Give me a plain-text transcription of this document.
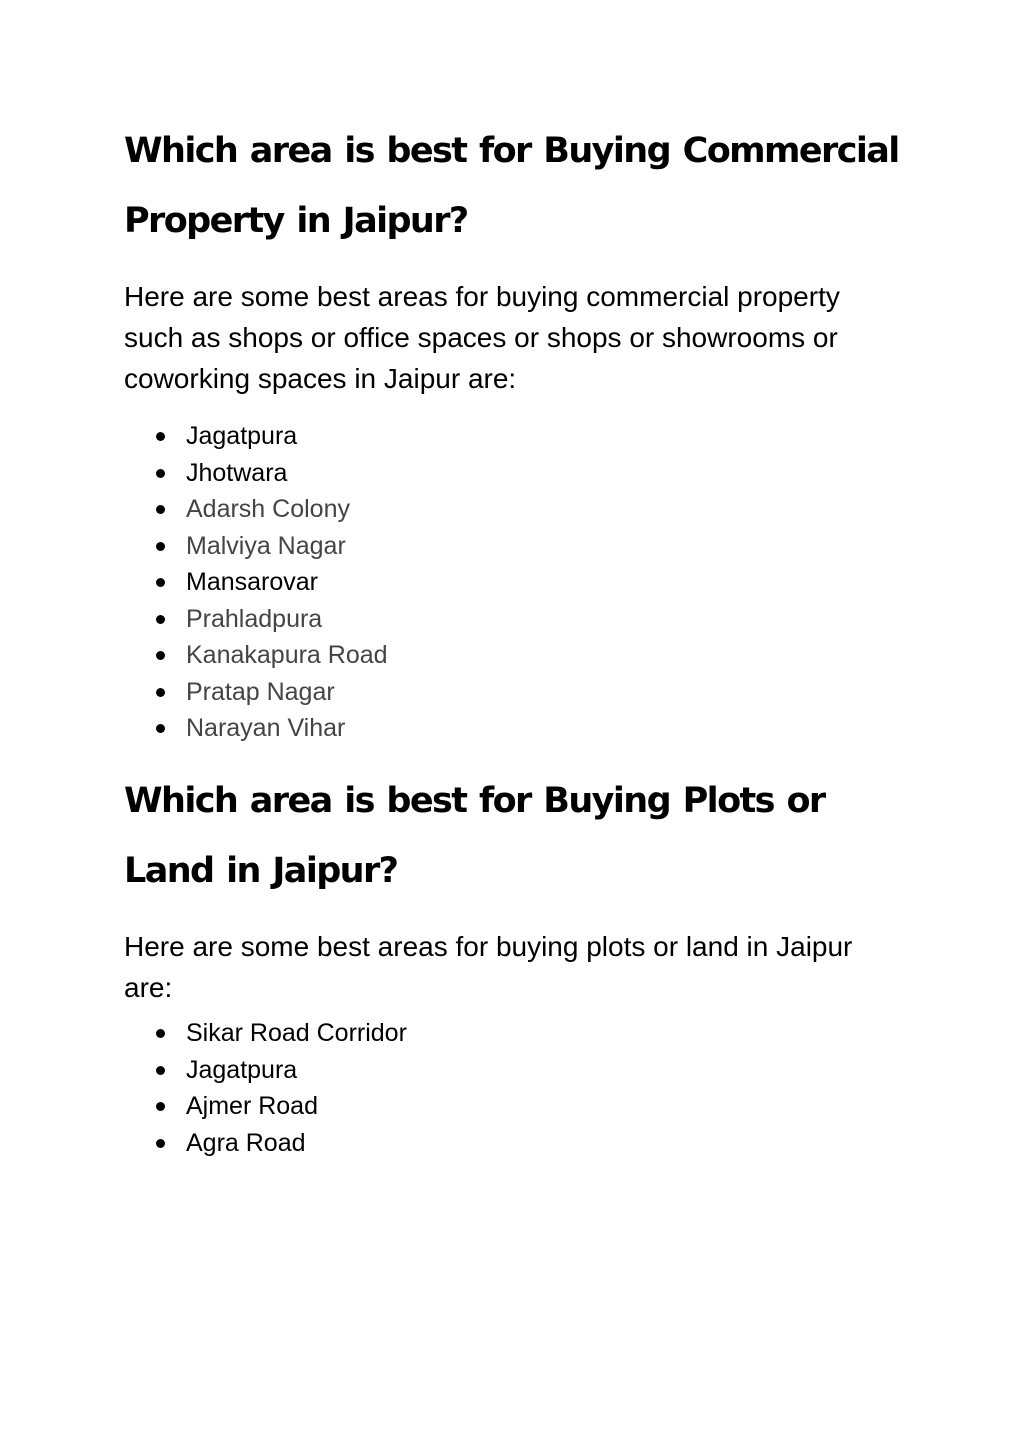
Which area is best for Buying Commercial Property in Jaipur?

Here are some best areas for buying commercial property such as shops or office spaces or shops or showrooms or coworking spaces in Jaipur are:

Jagatpura
Jhotwara
Adarsh Colony
Malviya Nagar
Mansarovar
Prahladpura
Kanakapura Road
Pratap Nagar
Narayan Vihar
Which area is best for Buying Plots or Land in Jaipur?

Here are some best areas for buying plots or land in Jaipur are:

Sikar Road Corridor
Jagatpura
Ajmer Road
Agra Road
